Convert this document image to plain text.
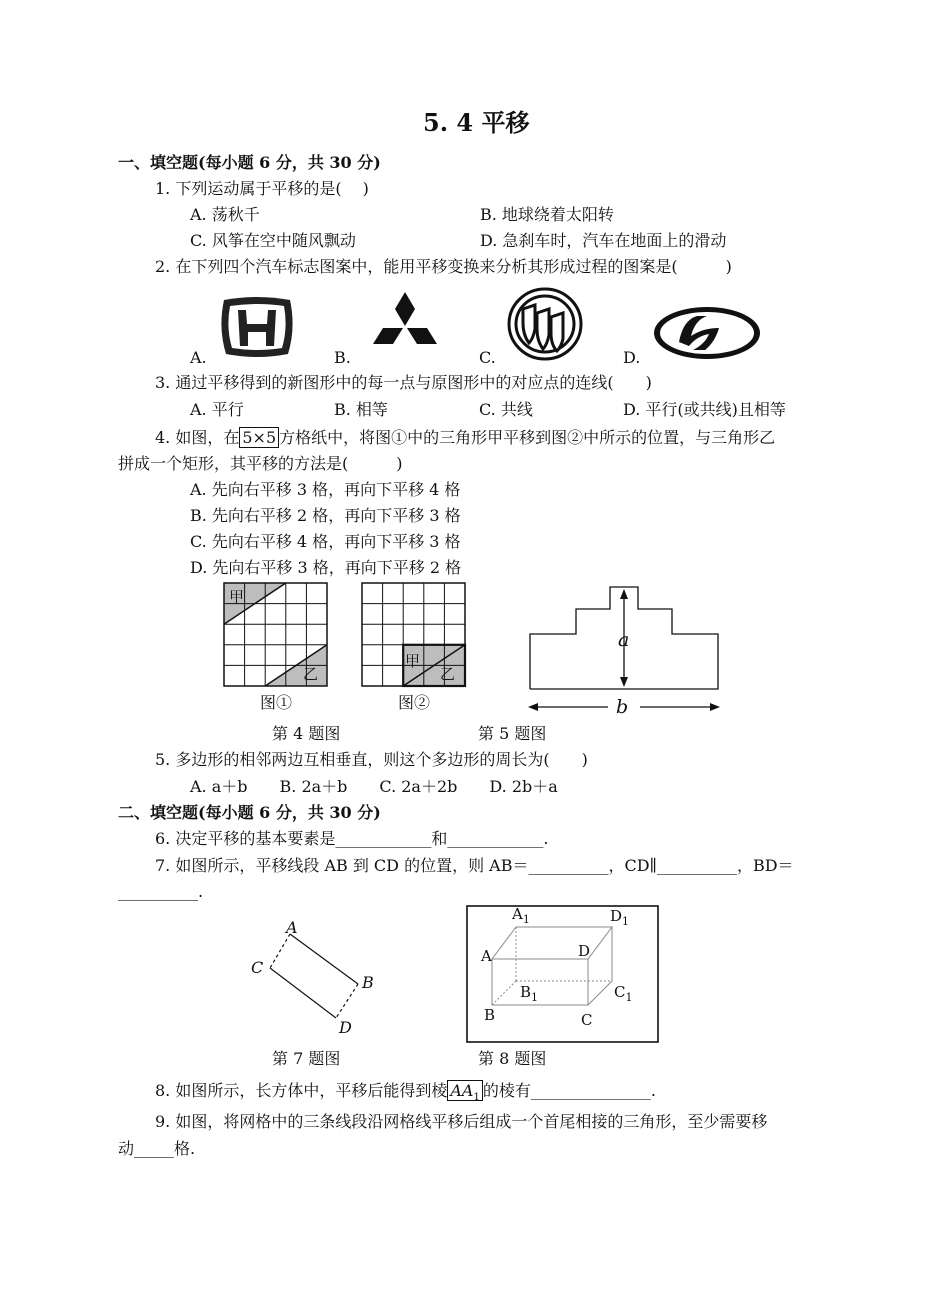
5. 4 平移
一、填空题(每小题 6 分，共 30 分)
1. 下列运动属于平移的是(　 )
A. 荡秋千	B. 地球绕着太阳转
C. 风筝在空中随风飘动	D. 急刹车时，汽车在地面上的滑动
2. 在下列四个汽车标志图案中，能用平移变换来分析其形成过程的图案是(　　　)
A.	B.	C.	D.
3. 通过平移得到的新图形中的每一点与原图形中的对应点的连线(　　)
A. 平行	B. 相等	C. 共线	D. 平行(或共线)且相等
4. 如图，在 5×5 方格纸中，将图①中的三角形甲平移到图②中所示的位置，与三角形乙
拼成一个矩形，其平移的方法是(　　　)
A. 先向右平移 3 格，再向下平移 4 格
B. 先向右平移 2 格，再向下平移 3 格
C. 先向右平移 4 格，再向下平移 3 格
D. 先向右平移 3 格，再向下平移 2 格
甲
乙
图①
甲
乙
图②
a
b
第 4 题图	第 5 题图
5. 多边形的相邻两边互相垂直，则这个多边形的周长为(　　)
A. a＋b　　B. 2a＋b　　C. 2a＋2b　　D. 2b＋a
二、填空题(每小题 6 分，共 30 分)
6. 决定平移的基本要素是____________和____________.
7. 如图所示，平移线段 AB 到 CD 的位置，则 AB＝__________，CD∥__________，BD＝
__________.
A
C
B
D
$A_1$	$D_1$
A	D
$B_1$	$C_1$
B	C
第 7 题图	第 8 题图
8. 如图所示，长方体中，平移后能得到棱 $AA_1$ 的棱有_______________.
9. 如图，将网格中的三条线段沿网格线平移后组成一个首尾相接的三角形，至少需要移
动_____格.
